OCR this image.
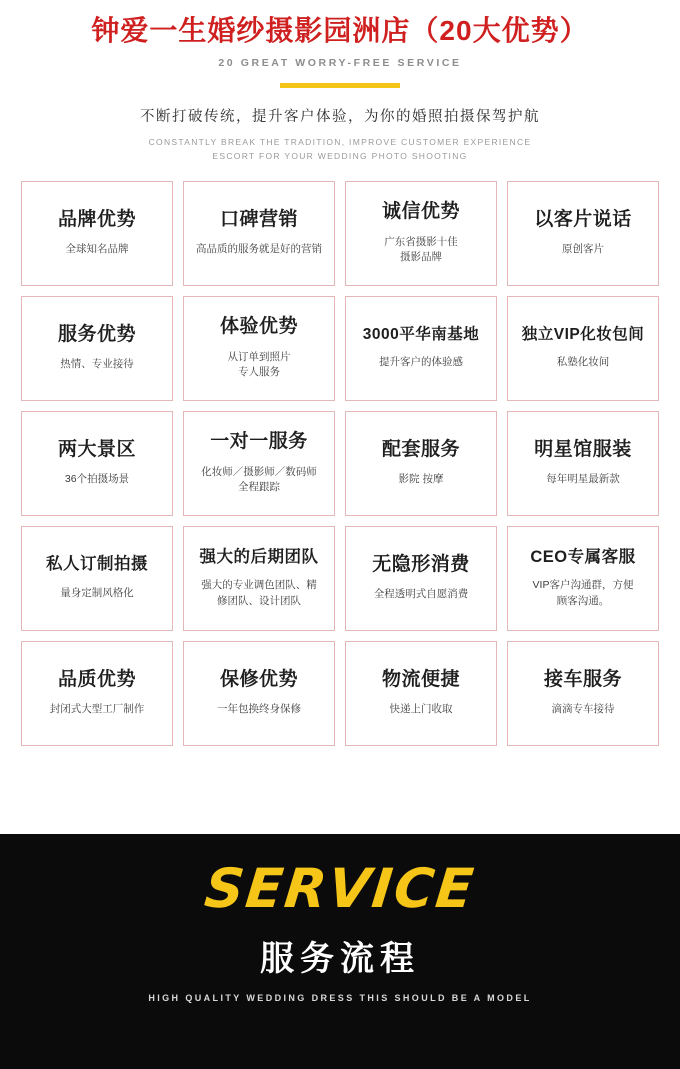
钟爱一生婚纱摄影园洲店（20大优势）
20 GREAT WORRY-FREE SERVICE
不断打破传统，提升客户体验，为你的婚照拍摄保驾护航
CONSTANTLY BREAK THE TRADITION, IMPROVE CUSTOMER EXPERIENCE
ESCORT FOR YOUR WEDDING PHOTO SHOOTING
品牌优势
全球知名品牌
口碑营销
高品质的服务就是好的营销
诚信优势
广东省摄影十佳
摄影品牌
以客片说话
原创客片
服务优势
热情、专业接待
体验优势
从订单到照片
专人服务
3000平华南基地
提升客户的体验感
独立VIP化妆包间
私塾化妆间
两大景区
36个拍摄场景
一对一服务
化妆师／摄影师／数码师
全程跟踪
配套服务
影院 按摩
明星馆服装
每年明星最新款
私人订制拍摄
量身定制风格化
强大的后期团队
强大的专业调色团队、精
修团队、设计团队
无隐形消费
全程透明式自愿消费
CEO专属客服
VIP客户沟通群，方便
顾客沟通。
品质优势
封闭式大型工厂制作
保修优势
一年包换终身保修
物流便捷
快递上门收取
接车服务
滴滴专车接待
SERVICE
服务流程
HIGH QUALITY WEDDING DRESS THIS SHOULD BE A MODEL
